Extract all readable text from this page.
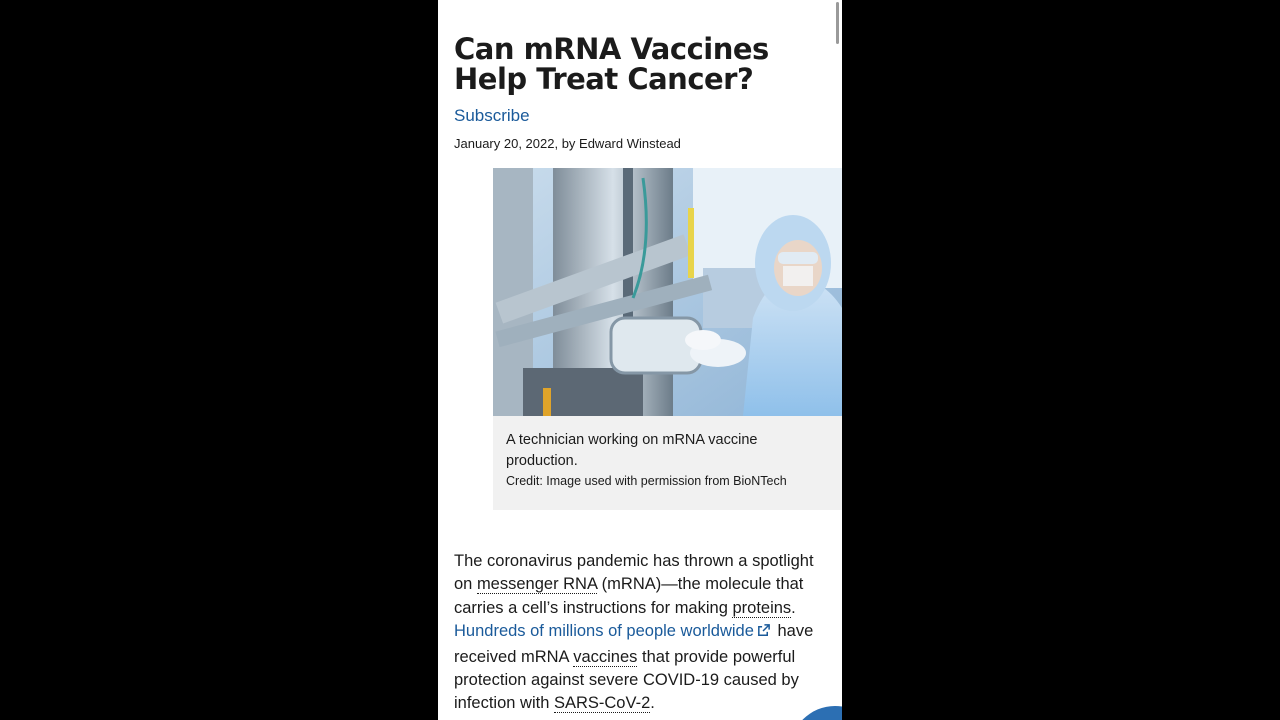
Can mRNA Vaccines Help Treat Cancer?
Subscribe
January 20, 2022, by Edward Winstead
A technician working on mRNA vaccine production.
Credit: Image used with permission from BioNTech

The coronavirus pandemic has thrown a spotlight on messenger RNA (mRNA)—the molecule that carries a cell’s instructions for making proteins. Hundreds of millions of people worldwide have received mRNA vaccines that provide powerful protection against severe COVID-19 caused by infection with SARS-CoV-2.
